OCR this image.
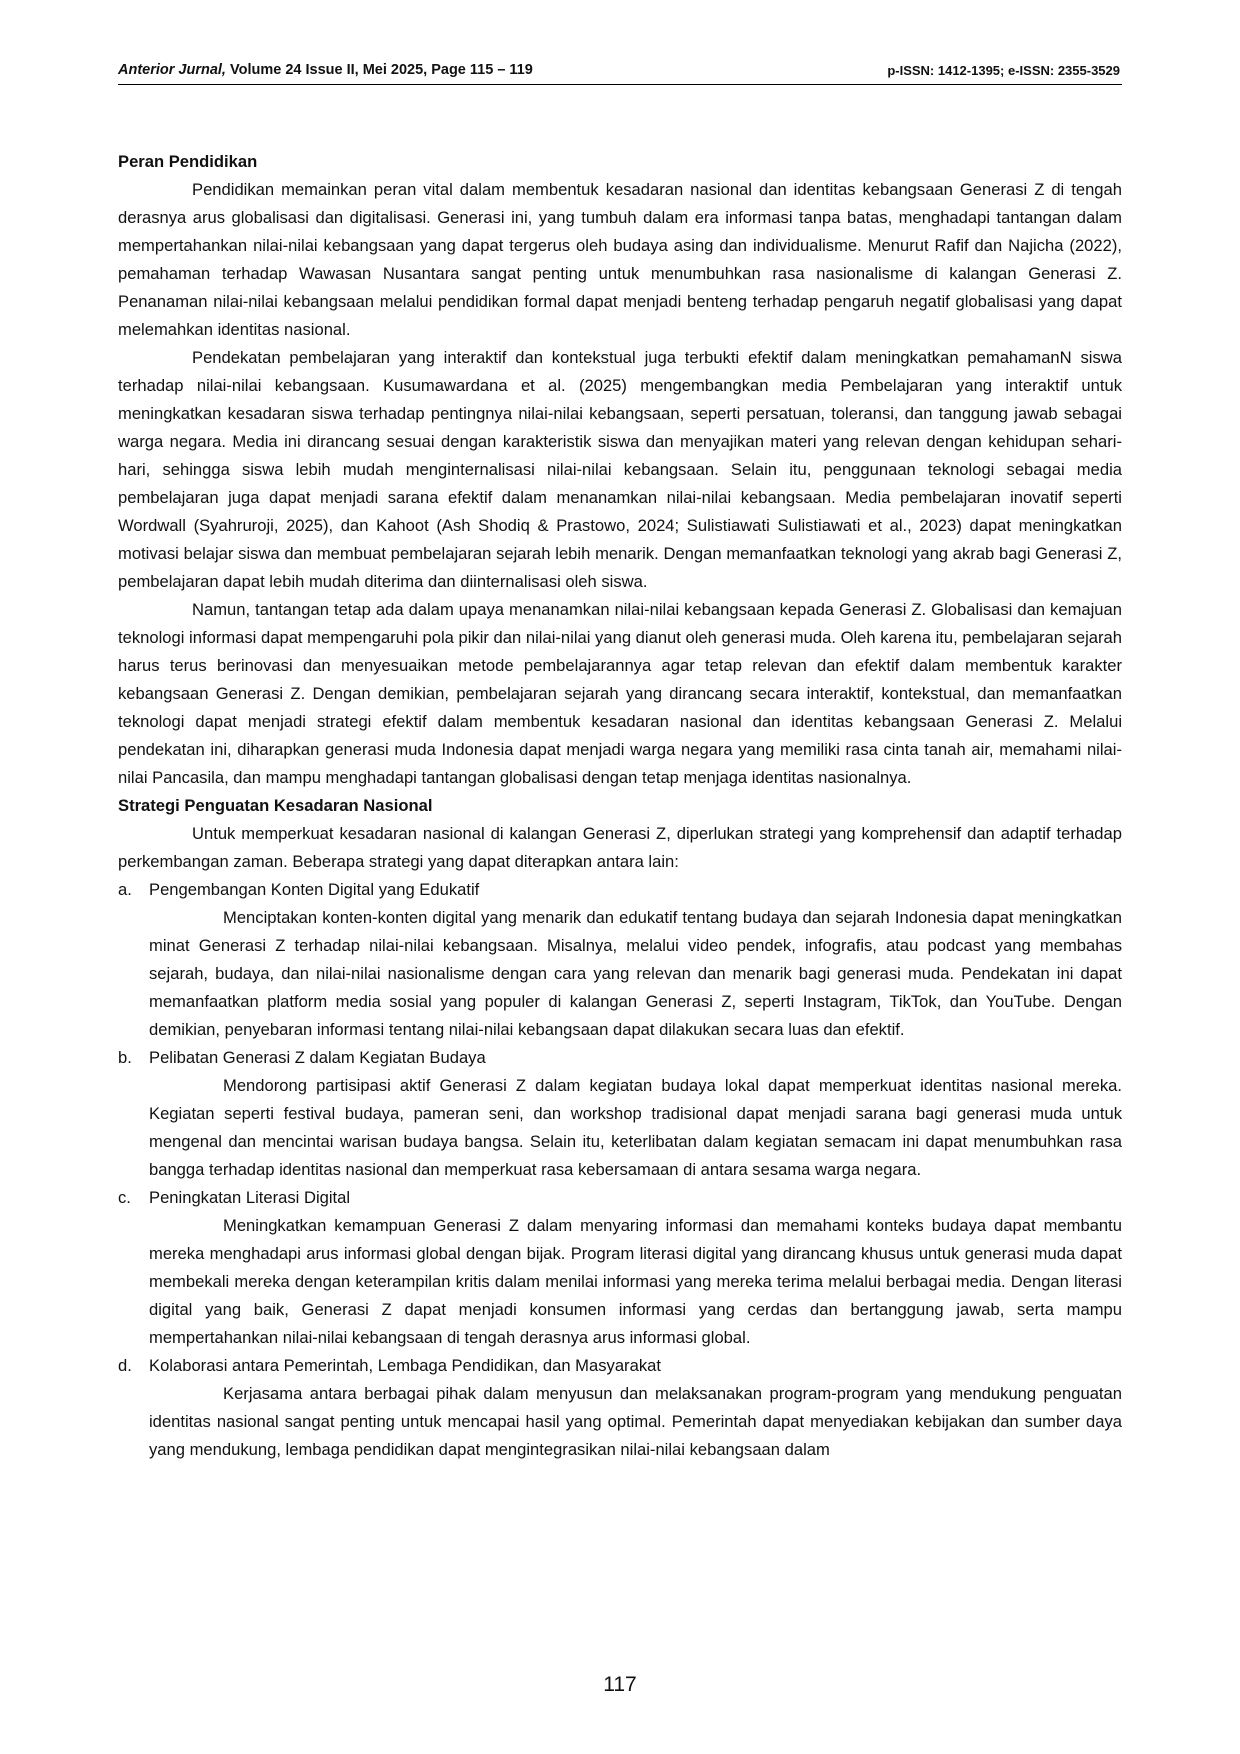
Anterior Jurnal, Volume 24 Issue II, Mei 2025, Page 115 – 119	p-ISSN: 1412-1395; e-ISSN: 2355-3529

Peran Pendidikan

Pendidikan memainkan peran vital dalam membentuk kesadaran nasional dan identitas kebangsaan Generasi Z di tengah derasnya arus globalisasi dan digitalisasi. Generasi ini, yang tumbuh dalam era informasi tanpa batas, menghadapi tantangan dalam mempertahankan nilai-nilai kebangsaan yang dapat tergerus oleh budaya asing dan individualisme. Menurut Rafif dan Najicha (2022), pemahaman terhadap Wawasan Nusantara sangat penting untuk menumbuhkan rasa nasionalisme di kalangan Generasi Z. Penanaman nilai-nilai kebangsaan melalui pendidikan formal dapat menjadi benteng terhadap pengaruh negatif globalisasi yang dapat melemahkan identitas nasional.

Pendekatan pembelajaran yang interaktif dan kontekstual juga terbukti efektif dalam meningkatkan pemahamanN siswa terhadap nilai-nilai kebangsaan. Kusumawardana et al. (2025) mengembangkan media Pembelajaran yang interaktif untuk meningkatkan kesadaran siswa terhadap pentingnya nilai-nilai kebangsaan, seperti persatuan, toleransi, dan tanggung jawab sebagai warga negara. Media ini dirancang sesuai dengan karakteristik siswa dan menyajikan materi yang relevan dengan kehidupan sehari-hari, sehingga siswa lebih mudah menginternalisasi nilai-nilai kebangsaan. Selain itu, penggunaan teknologi sebagai media pembelajaran juga dapat menjadi sarana efektif dalam menanamkan nilai-nilai kebangsaan. Media pembelajaran inovatif seperti Wordwall (Syahruroji, 2025), dan Kahoot (Ash Shodiq & Prastowo, 2024; Sulistiawati Sulistiawati et al., 2023) dapat meningkatkan motivasi belajar siswa dan membuat pembelajaran sejarah lebih menarik. Dengan memanfaatkan teknologi yang akrab bagi Generasi Z, pembelajaran dapat lebih mudah diterima dan diinternalisasi oleh siswa.

Namun, tantangan tetap ada dalam upaya menanamkan nilai-nilai kebangsaan kepada Generasi Z. Globalisasi dan kemajuan teknologi informasi dapat mempengaruhi pola pikir dan nilai-nilai yang dianut oleh generasi muda. Oleh karena itu, pembelajaran sejarah harus terus berinovasi dan menyesuaikan metode pembelajarannya agar tetap relevan dan efektif dalam membentuk karakter kebangsaan Generasi Z. Dengan demikian, pembelajaran sejarah yang dirancang secara interaktif, kontekstual, dan memanfaatkan teknologi dapat menjadi strategi efektif dalam membentuk kesadaran nasional dan identitas kebangsaan Generasi Z. Melalui pendekatan ini, diharapkan generasi muda Indonesia dapat menjadi warga negara yang memiliki rasa cinta tanah air, memahami nilai-nilai Pancasila, dan mampu menghadapi tantangan globalisasi dengan tetap menjaga identitas nasionalnya.

Strategi Penguatan Kesadaran Nasional

Untuk memperkuat kesadaran nasional di kalangan Generasi Z, diperlukan strategi yang komprehensif dan adaptif terhadap perkembangan zaman. Beberapa strategi yang dapat diterapkan antara lain:

a. Pengembangan Konten Digital yang Edukatif

Menciptakan konten-konten digital yang menarik dan edukatif tentang budaya dan sejarah Indonesia dapat meningkatkan minat Generasi Z terhadap nilai-nilai kebangsaan. Misalnya, melalui video pendek, infografis, atau podcast yang membahas sejarah, budaya, dan nilai-nilai nasionalisme dengan cara yang relevan dan menarik bagi generasi muda. Pendekatan ini dapat memanfaatkan platform media sosial yang populer di kalangan Generasi Z, seperti Instagram, TikTok, dan YouTube. Dengan demikian, penyebaran informasi tentang nilai-nilai kebangsaan dapat dilakukan secara luas dan efektif.

b. Pelibatan Generasi Z dalam Kegiatan Budaya

Mendorong partisipasi aktif Generasi Z dalam kegiatan budaya lokal dapat memperkuat identitas nasional mereka. Kegiatan seperti festival budaya, pameran seni, dan workshop tradisional dapat menjadi sarana bagi generasi muda untuk mengenal dan mencintai warisan budaya bangsa. Selain itu, keterlibatan dalam kegiatan semacam ini dapat menumbuhkan rasa bangga terhadap identitas nasional dan memperkuat rasa kebersamaan di antara sesama warga negara.

c. Peningkatan Literasi Digital

Meningkatkan kemampuan Generasi Z dalam menyaring informasi dan memahami konteks budaya dapat membantu mereka menghadapi arus informasi global dengan bijak. Program literasi digital yang dirancang khusus untuk generasi muda dapat membekali mereka dengan keterampilan kritis dalam menilai informasi yang mereka terima melalui berbagai media. Dengan literasi digital yang baik, Generasi Z dapat menjadi konsumen informasi yang cerdas dan bertanggung jawab, serta mampu mempertahankan nilai-nilai kebangsaan di tengah derasnya arus informasi global.

d. Kolaborasi antara Pemerintah, Lembaga Pendidikan, dan Masyarakat

Kerjasama antara berbagai pihak dalam menyusun dan melaksanakan program-program yang mendukung penguatan identitas nasional sangat penting untuk mencapai hasil yang optimal. Pemerintah dapat menyediakan kebijakan dan sumber daya yang mendukung, lembaga pendidikan dapat mengintegrasikan nilai-nilai kebangsaan dalam

117
